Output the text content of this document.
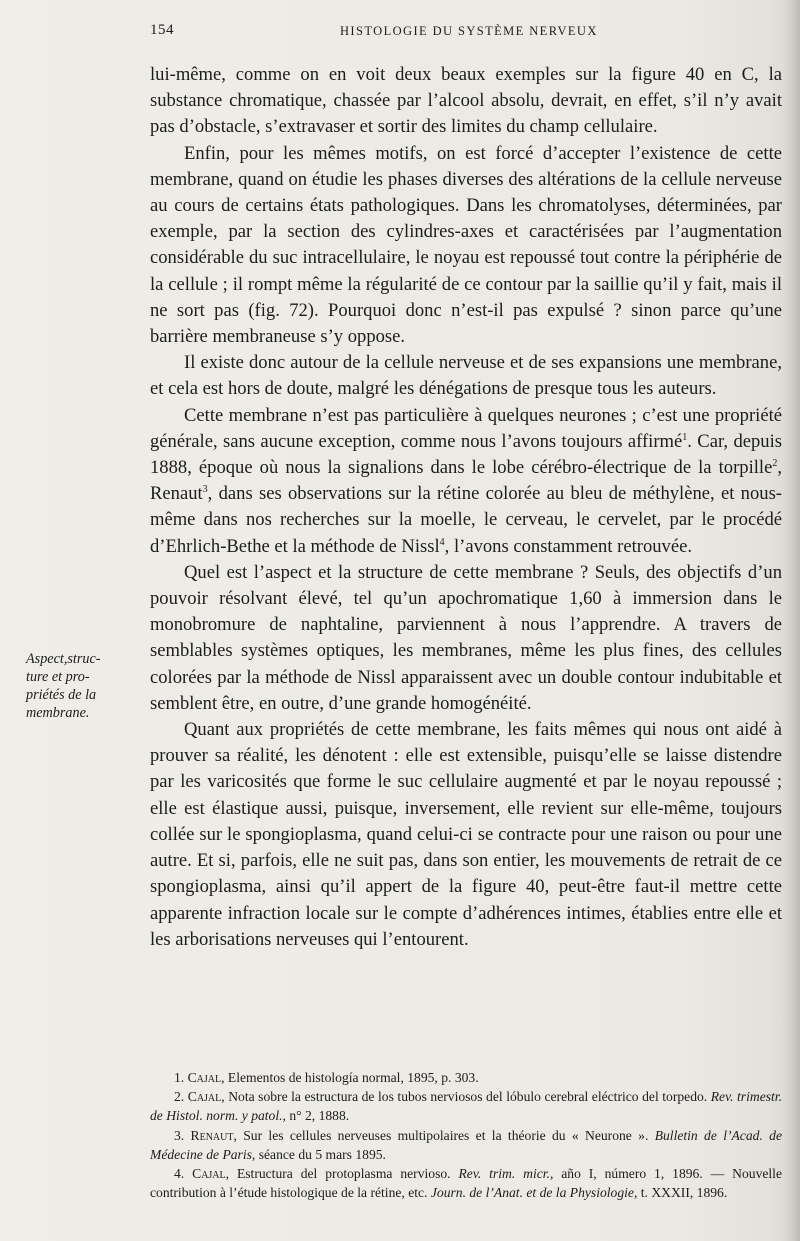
154	HISTOLOGIE DU SYSTÈME NERVEUX
Aspect,struc-
ture et pro-
priétés de la
membrane.

lui-même, comme on en voit deux beaux exemples sur la figure 40 en C, la substance chromatique, chassée par l’alcool absolu, devrait, en effet, s’il n’y avait pas d’obstacle, s’extravaser et sortir des limites du champ cellulaire.

Enfin, pour les mêmes motifs, on est forcé d’accepter l’existence de cette membrane, quand on étudie les phases diverses des altérations de la cellule nerveuse au cours de certains états pathologiques. Dans les chromatolyses, déterminées, par exemple, par la section des cylindres-axes et caractérisées par l’augmentation considérable du suc intracellulaire, le noyau est repoussé tout contre la périphérie de la cellule ; il rompt même la régularité de ce contour par la saillie qu’il y fait, mais il ne sort pas (fig. 72). Pourquoi donc n’est-il pas expulsé ? sinon parce qu’une barrière membraneuse s’y oppose.

Il existe donc autour de la cellule nerveuse et de ses expansions une membrane, et cela est hors de doute, malgré les dénégations de presque tous les auteurs.

Cette membrane n’est pas particulière à quelques neurones ; c’est une propriété générale, sans aucune exception, comme nous l’avons toujours affirmé$^1$. Car, depuis 1888, époque où nous la signalions dans le lobe cérébro-électrique de la torpille$^2$, Renaut$^3$, dans ses observations sur la rétine colorée au bleu de méthylène, et nous-même dans nos recherches sur la moelle, le cerveau, le cervelet, par le procédé d’Ehrlich-Bethe et la méthode de Nissl$^4$, l’avons constamment retrouvée.

Quel est l’aspect et la structure de cette membrane ? Seuls, des objectifs d’un pouvoir résolvant élevé, tel qu’un apochromatique 1,60 à immersion dans le monobromure de naphtaline, parviennent à nous l’apprendre. A travers de semblables systèmes optiques, les membranes, même les plus fines, des cellules colorées par la méthode de Nissl apparaissent avec un double contour indubitable et semblent être, en outre, d’une grande homogénéité.

Quant aux propriétés de cette membrane, les faits mêmes qui nous ont aidé à prouver sa réalité, les dénotent : elle est extensible, puisqu’elle se laisse distendre par les varicosités que forme le suc cellulaire augmenté et par le noyau repoussé ; elle est élastique aussi, puisque, inversement, elle revient sur elle-même, toujours collée sur le spongioplasma, quand celui-ci se contracte pour une raison ou pour une autre. Et si, parfois, elle ne suit pas, dans son entier, les mouvements de retrait de ce spongioplasma, ainsi qu’il appert de la figure 40, peut-être faut-il mettre cette apparente infraction locale sur le compte d’adhérences intimes, établies entre elle et les arborisations nerveuses qui l’entourent.

1. Cajal, Elementos de histología normal, 1895, p. 303.

2. Cajal, Nota sobre la estructura de los tubos nerviosos del lóbulo cerebral eléctrico del torpedo. Rev. trimestr. de Histol. norm. y patol., n° 2, 1888.

3. Renaut, Sur les cellules nerveuses multipolaires et la théorie du « Neurone ». Bulletin de l’Acad. de Médecine de Paris, séance du 5 mars 1895.

4. Cajal, Estructura del protoplasma nervioso. Rev. trim. micr., año I, número 1, 1896. — Nouvelle contribution à l’étude histologique de la rétine, etc. Journ. de l’Anat. et de la Physiologie, t. XXXII, 1896.
